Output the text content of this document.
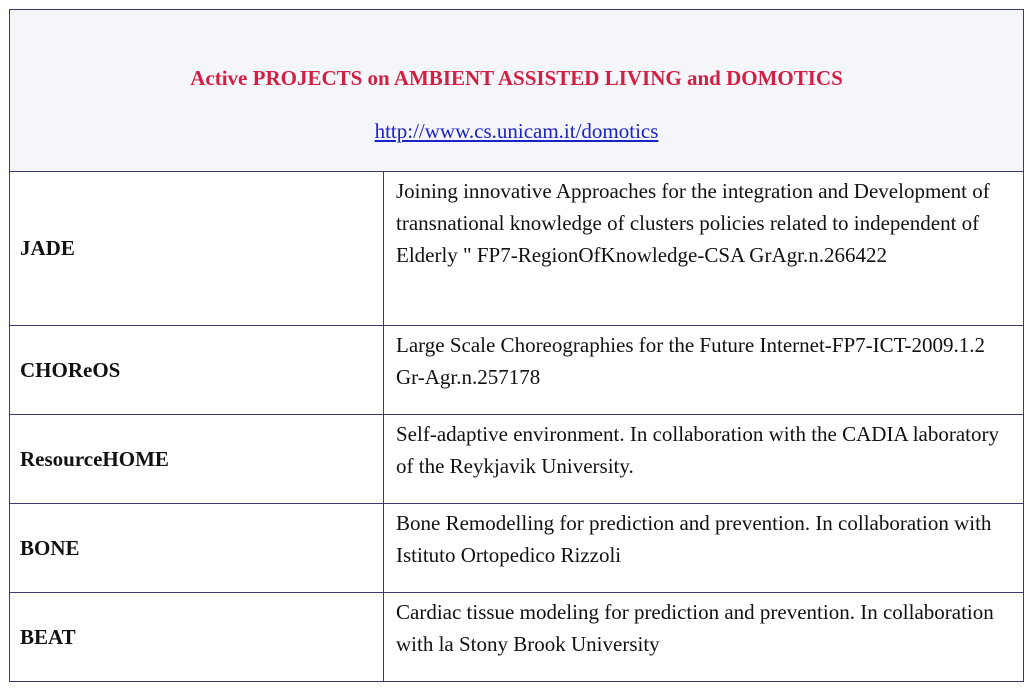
Active PROJECTS on AMBIENT ASSISTED LIVING and DOMOTICS
http://www.cs.unicam.it/domotics
JADE
Joining innovative Approaches for the integration and Development of transnational knowledge of clusters policies related to independent of Elderly " FP7-RegionOfKnowledge-CSA GrAgr.n.266422
CHOReOS
Large Scale Choreographies for the Future Internet-FP7-ICT-2009.1.2 Gr-Agr.n.257178
ResourceHOME
Self-adaptive environment. In collaboration with the CADIA laboratory of the Reykjavik University.
BONE
Bone Remodelling for prediction and prevention. In collaboration with Istituto Ortopedico Rizzoli
BEAT
Cardiac tissue modeling for prediction and prevention. In collaboration with la Stony Brook University
